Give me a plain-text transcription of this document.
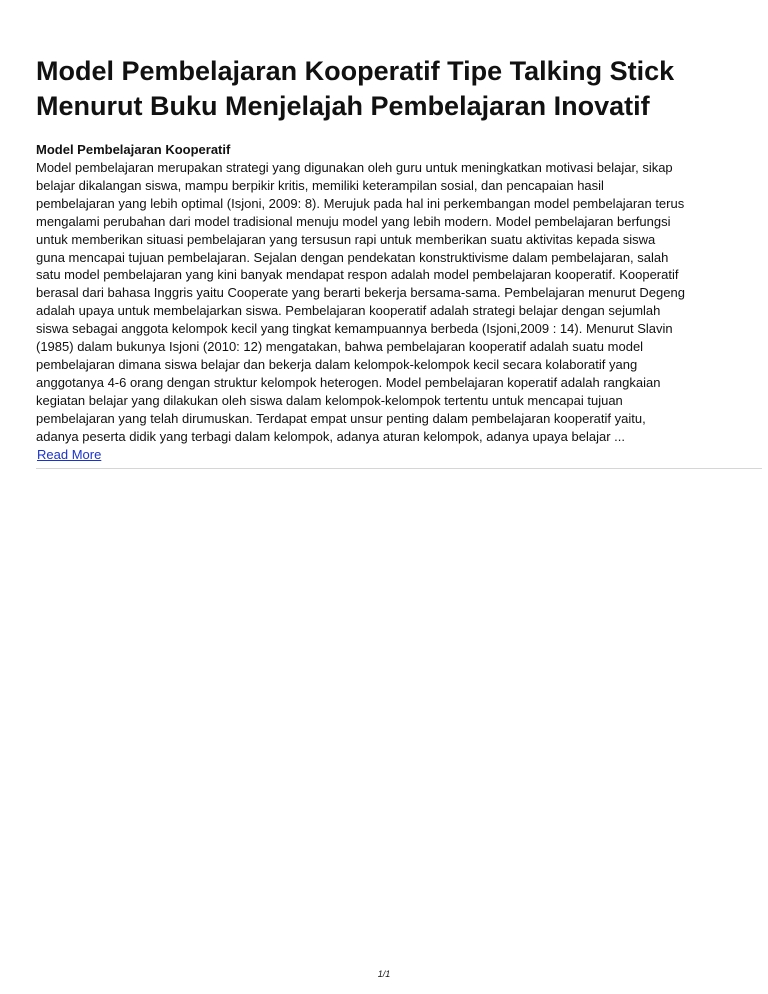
Model Pembelajaran Kooperatif Tipe Talking Stick
Menurut Buku Menjelajah Pembelajaran Inovatif
Model Pembelajaran Kooperatif

Model pembelajaran merupakan strategi yang digunakan oleh guru untuk meningkatkan motivasi belajar, sikap
belajar dikalangan siswa, mampu berpikir kritis, memiliki keterampilan sosial, dan pencapaian hasil
pembelajaran yang lebih optimal (Isjoni, 2009: 8). Merujuk pada hal ini perkembangan model pembelajaran terus
mengalami perubahan dari model tradisional menuju model yang lebih modern. Model pembelajaran berfungsi
untuk memberikan situasi pembelajaran yang tersusun rapi untuk memberikan suatu aktivitas kepada siswa
guna mencapai tujuan pembelajaran. Sejalan dengan pendekatan konstruktivisme dalam pembelajaran, salah
satu model pembelajaran yang kini banyak mendapat respon adalah model pembelajaran kooperatif. Kooperatif
berasal dari bahasa Inggris yaitu Cooperate yang berarti bekerja bersama-sama. Pembelajaran menurut Degeng
adalah upaya untuk membelajarkan siswa. Pembelajaran kooperatif adalah strategi belajar dengan sejumlah
siswa sebagai anggota kelompok kecil yang tingkat kemampuannya berbeda (Isjoni,2009 : 14). Menurut Slavin
(1985) dalam bukunya Isjoni (2010: 12) mengatakan, bahwa pembelajaran kooperatif adalah suatu model
pembelajaran dimana siswa belajar dan bekerja dalam kelompok-kelompok kecil secara kolaboratif yang
anggotanya 4-6 orang dengan struktur kelompok heterogen. Model pembelajaran koperatif adalah rangkaian
kegiatan belajar yang dilakukan oleh siswa dalam kelompok-kelompok tertentu untuk mencapai tujuan
pembelajaran yang telah dirumuskan. Terdapat empat unsur penting dalam pembelajaran kooperatif yaitu,
adanya peserta didik yang terbagi dalam kelompok, adanya aturan kelompok, adanya upaya belajar ...

Read More
1/1
